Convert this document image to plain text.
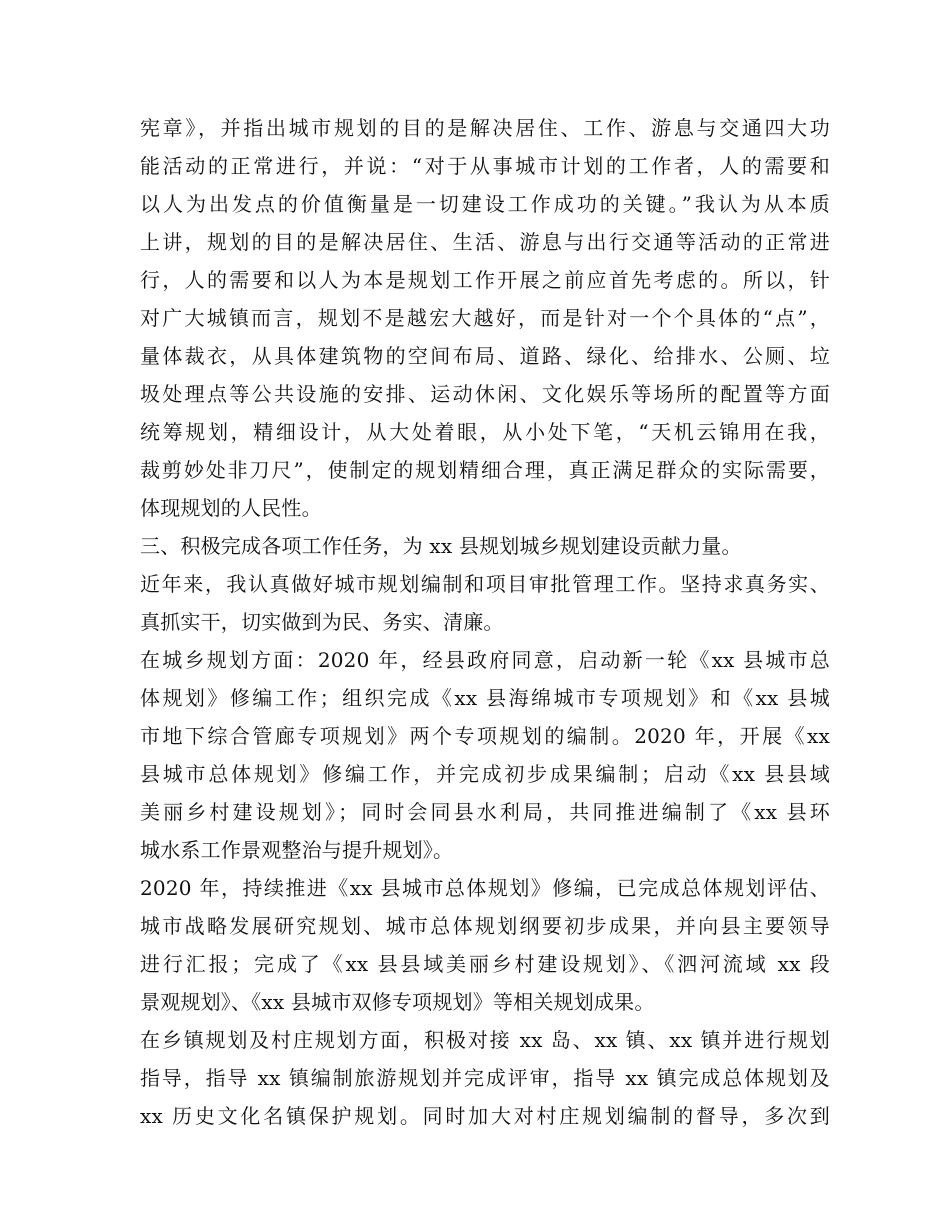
宪章》，并指出城市规划的目的是解决居住、工作、游息与交通四大功
能活动的正常进行，并说：“对于从事城市计划的工作者，人的需要和
以人为出发点的价值衡量是一切建设工作成功的关键。”我认为从本质
上讲，规划的目的是解决居住、生活、游息与出行交通等活动的正常进
行，人的需要和以人为本是规划工作开展之前应首先考虑的。所以，针
对广大城镇而言，规划不是越宏大越好，而是针对一个个具体的“点”，
量体裁衣，从具体建筑物的空间布局、道路、绿化、给排水、公厕、垃
圾处理点等公共设施的安排、运动休闲、文化娱乐等场所的配置等方面
统筹规划，精细设计，从大处着眼，从小处下笔，“天机云锦用在我，
裁剪妙处非刀尺”，使制定的规划精细合理，真正满足群众的实际需要，
体现规划的人民性。
三、积极完成各项工作任务，为 xx 县规划城乡规划建设贡献力量。
近年来，我认真做好城市规划编制和项目审批管理工作。坚持求真务实、
真抓实干，切实做到为民、务实、清廉。
在城乡规划方面：2020 年，经县政府同意，启动新一轮《xx 县城市总
体规划》修编工作；组织完成《xx 县海绵城市专项规划》和《xx 县城
市地下综合管廊专项规划》两个专项规划的编制。2020 年，开展《xx
县城市总体规划》修编工作，并完成初步成果编制；启动《xx 县县域
美丽乡村建设规划》；同时会同县水利局，共同推进编制了《xx 县环
城水系工作景观整治与提升规划》。
2020 年，持续推进《xx 县城市总体规划》修编，已完成总体规划评估、
城市战略发展研究规划、城市总体规划纲要初步成果，并向县主要领导
进行汇报；完成了《xx 县县域美丽乡村建设规划》、《泗河流域 xx 段
景观规划》、《xx 县城市双修专项规划》等相关规划成果。
在乡镇规划及村庄规划方面，积极对接 xx 岛、xx 镇、xx 镇并进行规划
指导，指导 xx 镇编制旅游规划并完成评审，指导 xx 镇完成总体规划及
xx 历史文化名镇保护规划。同时加大对村庄规划编制的督导，多次到
